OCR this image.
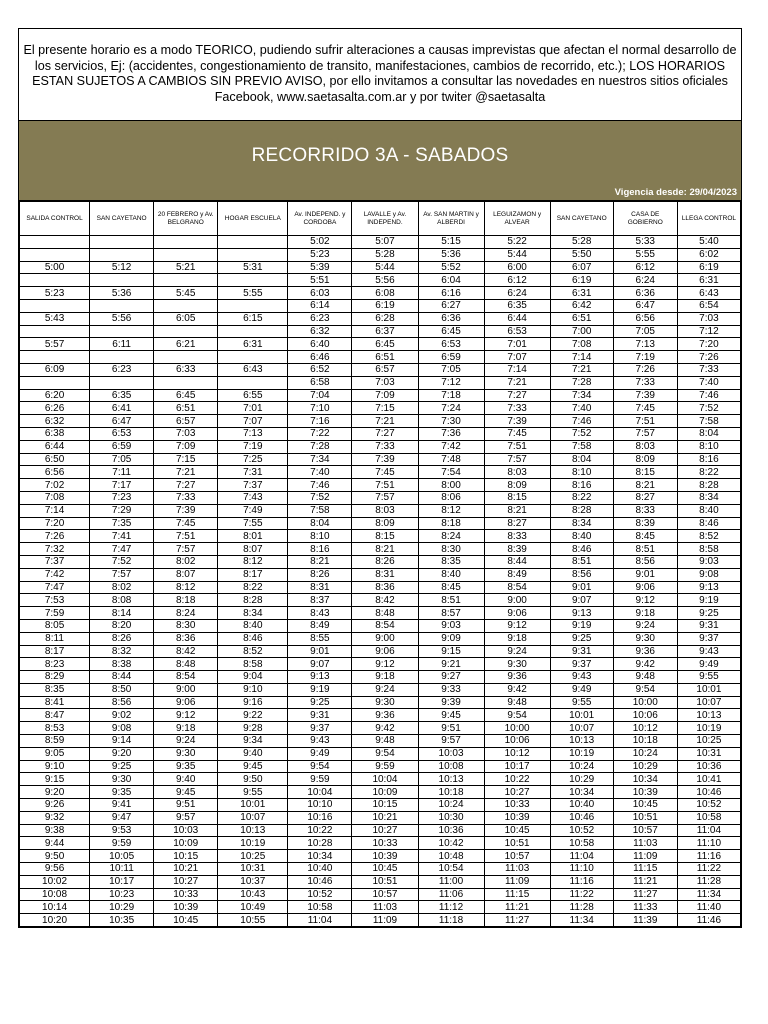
El presente horario es a modo TEORICO, pudiendo sufrir alteraciones a causas imprevistas que afectan el normal desarrollo de los servicios, Ej: (accidentes, congestionamiento de transito, manifestaciones, cambios de recorrido, etc.); LOS HORARIOS ESTAN SUJETOS A CAMBIOS SIN PREVIO AVISO, por ello invitamos a consultar las novedades en nuestros sitios oficiales Facebook, www.saetasalta.com.ar y por twiter @saetasalta
RECORRIDO 3A - SABADOS
Vigencia desde: 29/04/2023
SALIDA CONTROL	SAN CAYETANO	20 FEBRERO y Av. BELGRANO	HOGAR ESCUELA	Av. INDEPEND. y CORDOBA	LAVALLE y Av. INDEPEND.	Av. SAN MARTIN y ALBERDI	LEGUIZAMON y ALVEAR	SAN CAYETANO	CASA DE GOBIERNO	LLEGA CONTROL
				5:02	5:07	5:15	5:22	5:28	5:33	5:40
				5:23	5:28	5:36	5:44	5:50	5:55	6:02
5:00	5:12	5:21	5:31	5:39	5:44	5:52	6:00	6:07	6:12	6:19
				5:51	5:56	6:04	6:12	6:19	6:24	6:31
5:23	5:36	5:45	5:55	6:03	6:08	6:16	6:24	6:31	6:36	6:43
				6:14	6:19	6:27	6:35	6:42	6:47	6:54
5:43	5:56	6:05	6:15	6:23	6:28	6:36	6:44	6:51	6:56	7:03
				6:32	6:37	6:45	6:53	7:00	7:05	7:12
5:57	6:11	6:21	6:31	6:40	6:45	6:53	7:01	7:08	7:13	7:20
				6:46	6:51	6:59	7:07	7:14	7:19	7:26
6:09	6:23	6:33	6:43	6:52	6:57	7:05	7:14	7:21	7:26	7:33
				6:58	7:03	7:12	7:21	7:28	7:33	7:40
6:20	6:35	6:45	6:55	7:04	7:09	7:18	7:27	7:34	7:39	7:46
6:26	6:41	6:51	7:01	7:10	7:15	7:24	7:33	7:40	7:45	7:52
6:32	6:47	6:57	7:07	7:16	7:21	7:30	7:39	7:46	7:51	7:58
6:38	6:53	7:03	7:13	7:22	7:27	7:36	7:45	7:52	7:57	8:04
6:44	6:59	7:09	7:19	7:28	7:33	7:42	7:51	7:58	8:03	8:10
6:50	7:05	7:15	7:25	7:34	7:39	7:48	7:57	8:04	8:09	8:16
6:56	7:11	7:21	7:31	7:40	7:45	7:54	8:03	8:10	8:15	8:22
7:02	7:17	7:27	7:37	7:46	7:51	8:00	8:09	8:16	8:21	8:28
7:08	7:23	7:33	7:43	7:52	7:57	8:06	8:15	8:22	8:27	8:34
7:14	7:29	7:39	7:49	7:58	8:03	8:12	8:21	8:28	8:33	8:40
7:20	7:35	7:45	7:55	8:04	8:09	8:18	8:27	8:34	8:39	8:46
7:26	7:41	7:51	8:01	8:10	8:15	8:24	8:33	8:40	8:45	8:52
7:32	7:47	7:57	8:07	8:16	8:21	8:30	8:39	8:46	8:51	8:58
7:37	7:52	8:02	8:12	8:21	8:26	8:35	8:44	8:51	8:56	9:03
7:42	7:57	8:07	8:17	8:26	8:31	8:40	8:49	8:56	9:01	9:08
7:47	8:02	8:12	8:22	8:31	8:36	8:45	8:54	9:01	9:06	9:13
7:53	8:08	8:18	8:28	8:37	8:42	8:51	9:00	9:07	9:12	9:19
7:59	8:14	8:24	8:34	8:43	8:48	8:57	9:06	9:13	9:18	9:25
8:05	8:20	8:30	8:40	8:49	8:54	9:03	9:12	9:19	9:24	9:31
8:11	8:26	8:36	8:46	8:55	9:00	9:09	9:18	9:25	9:30	9:37
8:17	8:32	8:42	8:52	9:01	9:06	9:15	9:24	9:31	9:36	9:43
8:23	8:38	8:48	8:58	9:07	9:12	9:21	9:30	9:37	9:42	9:49
8:29	8:44	8:54	9:04	9:13	9:18	9:27	9:36	9:43	9:48	9:55
8:35	8:50	9:00	9:10	9:19	9:24	9:33	9:42	9:49	9:54	10:01
8:41	8:56	9:06	9:16	9:25	9:30	9:39	9:48	9:55	10:00	10:07
8:47	9:02	9:12	9:22	9:31	9:36	9:45	9:54	10:01	10:06	10:13
8:53	9:08	9:18	9:28	9:37	9:42	9:51	10:00	10:07	10:12	10:19
8:59	9:14	9:24	9:34	9:43	9:48	9:57	10:06	10:13	10:18	10:25
9:05	9:20	9:30	9:40	9:49	9:54	10:03	10:12	10:19	10:24	10:31
9:10	9:25	9:35	9:45	9:54	9:59	10:08	10:17	10:24	10:29	10:36
9:15	9:30	9:40	9:50	9:59	10:04	10:13	10:22	10:29	10:34	10:41
9:20	9:35	9:45	9:55	10:04	10:09	10:18	10:27	10:34	10:39	10:46
9:26	9:41	9:51	10:01	10:10	10:15	10:24	10:33	10:40	10:45	10:52
9:32	9:47	9:57	10:07	10:16	10:21	10:30	10:39	10:46	10:51	10:58
9:38	9:53	10:03	10:13	10:22	10:27	10:36	10:45	10:52	10:57	11:04
9:44	9:59	10:09	10:19	10:28	10:33	10:42	10:51	10:58	11:03	11:10
9:50	10:05	10:15	10:25	10:34	10:39	10:48	10:57	11:04	11:09	11:16
9:56	10:11	10:21	10:31	10:40	10:45	10:54	11:03	11:10	11:15	11:22
10:02	10:17	10:27	10:37	10:46	10:51	11:00	11:09	11:16	11:21	11:28
10:08	10:23	10:33	10:43	10:52	10:57	11:06	11:15	11:22	11:27	11:34
10:14	10:29	10:39	10:49	10:58	11:03	11:12	11:21	11:28	11:33	11:40
10:20	10:35	10:45	10:55	11:04	11:09	11:18	11:27	11:34	11:39	11:46
